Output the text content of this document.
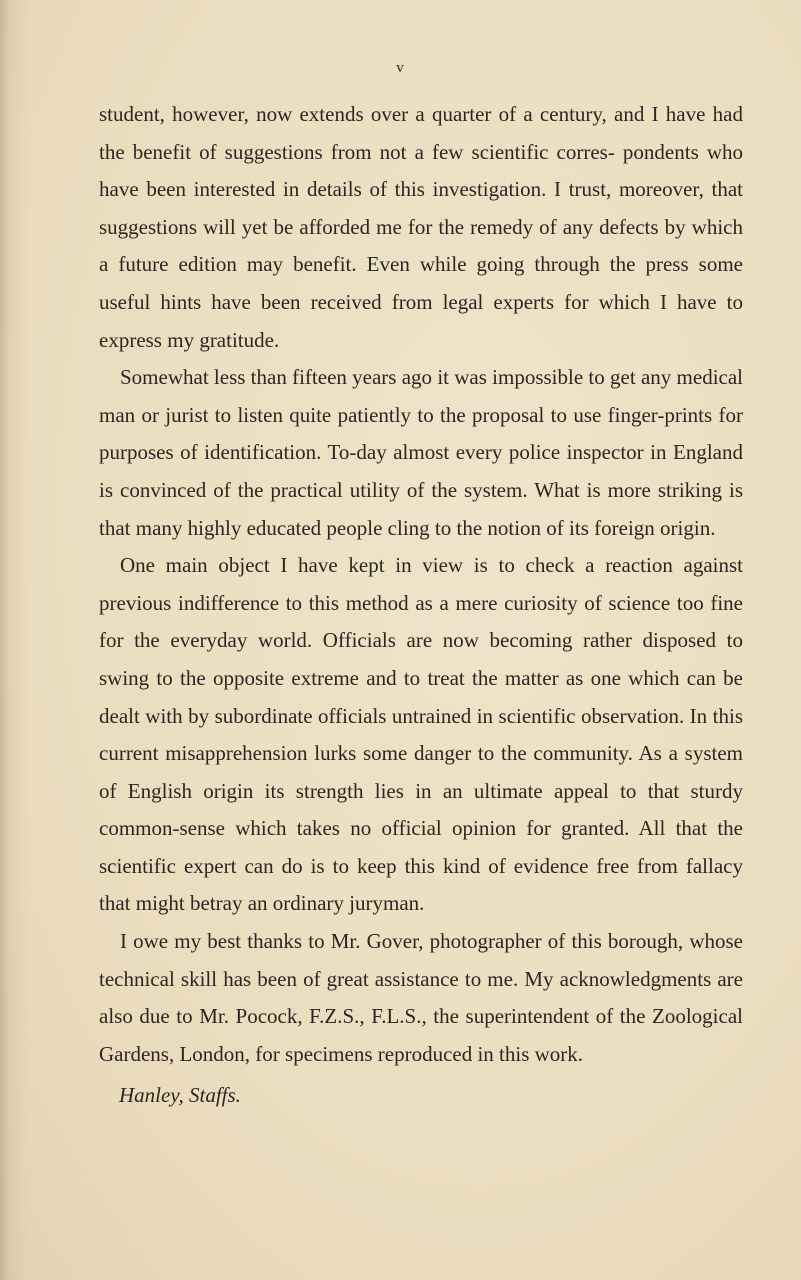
v

student, however, now extends over a quarter of a century, and I have had the benefit of suggestions from not a few scientific corres- pondents who have been interested in details of this investigation. I trust, moreover, that suggestions will yet be afforded me for the remedy of any defects by which a future edition may benefit. Even while going through the press some useful hints have been received from legal experts for which I have to express my gratitude.

Somewhat less than fifteen years ago it was impossible to get any medical man or jurist to listen quite patiently to the proposal to use finger-prints for purposes of identification. To-day almost every police inspector in England is convinced of the practical utility of the system. What is more striking is that many highly educated people cling to the notion of its foreign origin.

One main object I have kept in view is to check a reaction against previous indifference to this method as a mere curiosity of science too fine for the everyday world. Officials are now becoming rather disposed to swing to the opposite extreme and to treat the matter as one which can be dealt with by subordinate officials untrained in scientific observation. In this current misapprehension lurks some danger to the community. As a system of English origin its strength lies in an ultimate appeal to that sturdy common-sense which takes no official opinion for granted. All that the scientific expert can do is to keep this kind of evidence free from fallacy that might betray an ordinary juryman.

I owe my best thanks to Mr. Gover, photographer of this borough, whose technical skill has been of great assistance to me. My acknowledgments are also due to Mr. Pocock, F.Z.S., F.L.S., the superintendent of the Zoological Gardens, London, for specimens reproduced in this work.

Hanley, Staffs.
